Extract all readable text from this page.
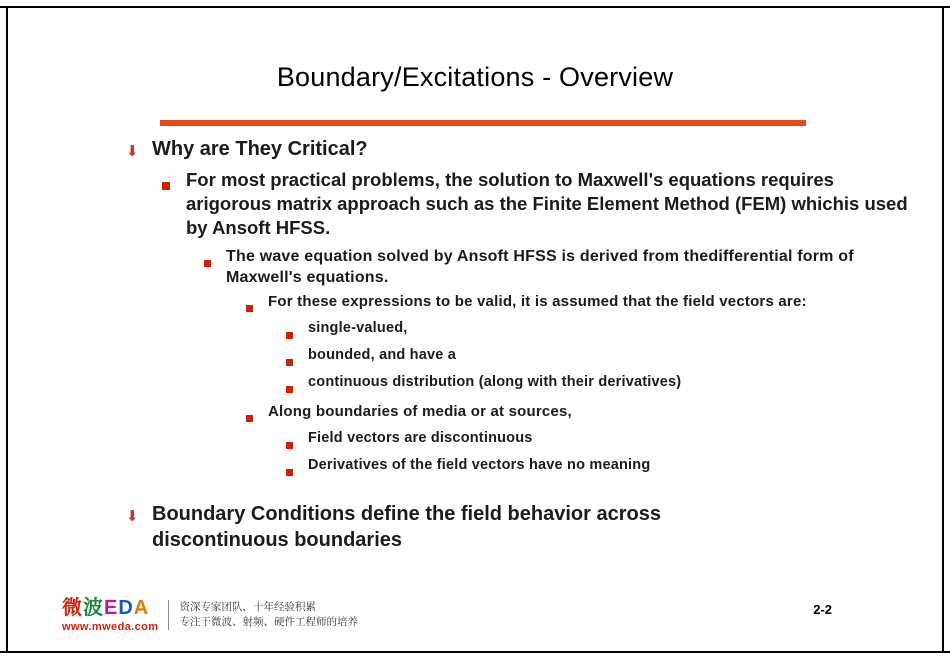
Boundary/Excitations - Overview
⬇ Why are They Critical?
For most practical problems, the solution to Maxwell's equations requires arigorous matrix approach such as the Finite Element Method (FEM) whichis used by Ansoft HFSS.
The wave equation solved by Ansoft HFSS is derived from thedifferential form of Maxwell's equations.
For these expressions to be valid, it is assumed that the field vectors are:
single-valued,
bounded, and have a
continuous distribution (along with their derivatives)
Along boundaries of media or at sources,
Field vectors are discontinuous
Derivatives of the field vectors have no meaning
⬇ Boundary Conditions define the field behavior across discontinuous boundaries
微波EDA
www.mweda.com
资深专家团队，十年经验积累
专注于微波、射频、硬件工程师的培养
2-2
